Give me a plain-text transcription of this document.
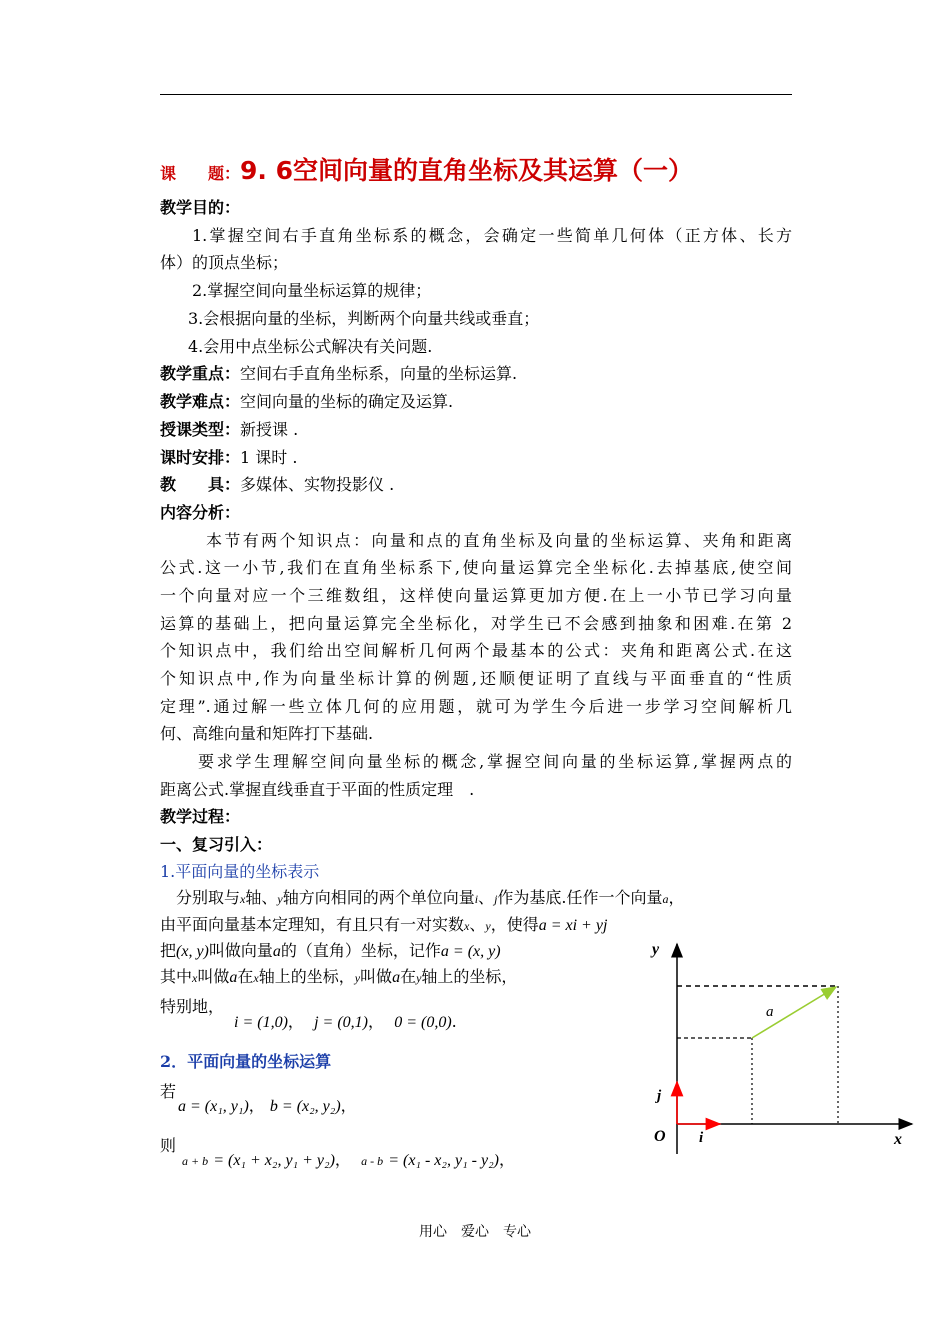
课　　题：9. 6空间向量的直角坐标及其运算（一）
教学目的：
1.掌握空间右手直角坐标系的概念，会确定一些简单几何体（正方体、长方
体）的顶点坐标；
2.掌握空间向量坐标运算的规律；
3.会根据向量的坐标，判断两个向量共线或垂直；
4.会用中点坐标公式解决有关问题.
教学重点：空间右手直角坐标系，向量的坐标运算.
教学难点：空间向量的坐标的确定及运算.
授课类型：新授课 .
课时安排：1 课时 .
教　　具：多媒体、实物投影仪 .
内容分析：
本节有两个知识点：向量和点的直角坐标及向量的坐标运算、夹角和距离
公式.这一小节,我们在直角坐标系下,使向量运算完全坐标化.去掉基底,使空间
一个向量对应一个三维数组，这样使向量运算更加方便.在上一小节已学习向量
运算的基础上，把向量运算完全坐标化，对学生已不会感到抽象和困难.在第 2
个知识点中，我们给出空间解析几何两个最基本的公式：夹角和距离公式.在这
个知识点中,作为向量坐标计算的例题,还顺便证明了直线与平面垂直的“性质
定理”.通过解一些立体几何的应用题，就可为学生今后进一步学习空间解析几
何、高维向量和矩阵打下基础.
要求学生理解空间向量坐标的概念,掌握空间向量的坐标运算,掌握两点的
距离公式.掌握直线垂直于平面的性质定理　.
教学过程：
一、复习引入：
1.平面向量的坐标表示
分别取与x轴、y轴方向相同的两个单位向量i、j作为基底.任作一个向量a，
由平面向量基本定理知，有且只有一对实数x、y，使得a = xi + yj
把(x, y)叫做向量a的（直角）坐标，记作a = (x, y)
其中x叫做a在x轴上的坐标，y叫做a在y轴上的坐标，
特别地，
i = (1,0)， j = (0,1)， 0 = (0,0).
2．平面向量的坐标运算
若
a = (x₁, y₁)， b = (x₂, y₂)，
则
a + b = (x₁ + x₂, y₁ + y₂)， a - b = (x₁ - x₂, y₁ - y₂)，
y
x
O i
j
a
用心　爱心　专心
